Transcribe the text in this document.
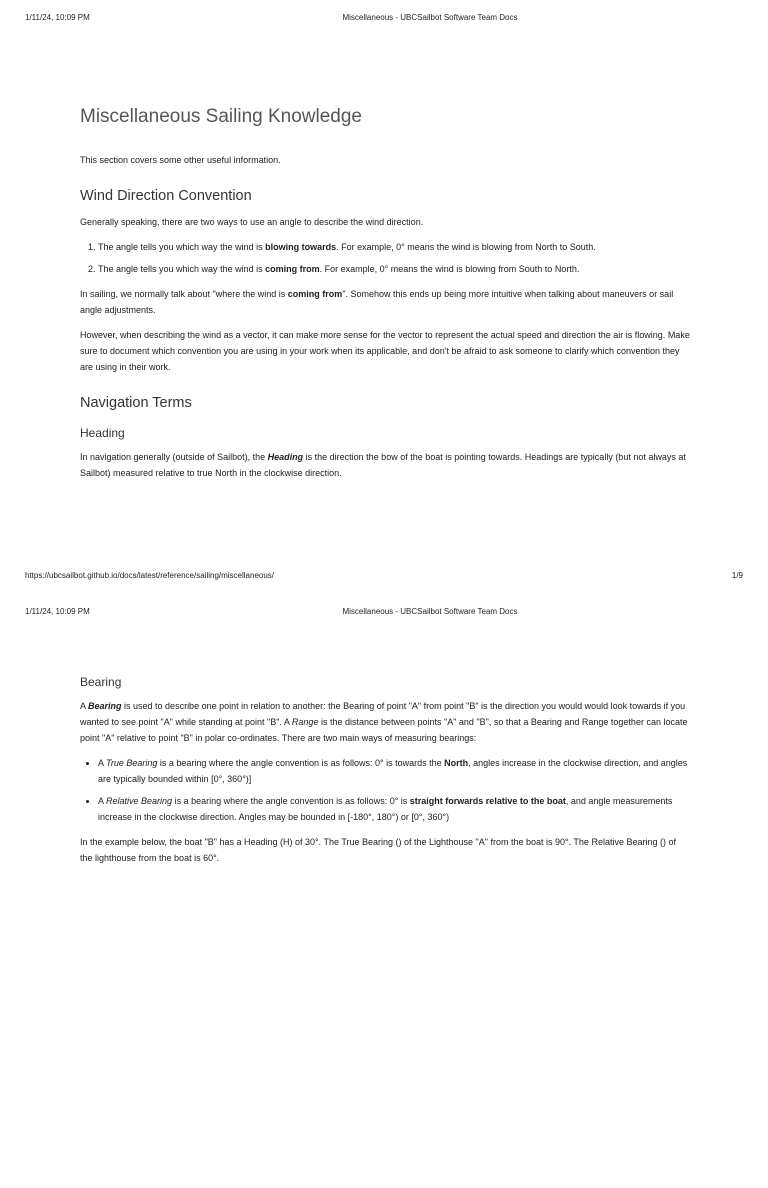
1/11/24, 10:09 PM	Miscellaneous - UBCSailbot Software Team Docs
Miscellaneous Sailing Knowledge

This section covers some other useful information.

Wind Direction Convention

Generally speaking, there are two ways to use an angle to describe the wind direction.

1. The angle tells you which way the wind is blowing towards. For example, 0° means the wind is blowing from North to South.
2. The angle tells you which way the wind is coming from. For example, 0° means the wind is blowing from South to North.

In sailing, we normally talk about "where the wind is coming from". Somehow this ends up being more intuitive when talking about maneuvers or sail angle adjustments.

However, when describing the wind as a vector, it can make more sense for the vector to represent the actual speed and direction the air is flowing. Make sure to document which convention you are using in your work when its applicable, and don't be afraid to ask someone to clarify which convention they are using in their work.

Navigation Terms
Heading

In navigation generally (outside of Sailbot), the Heading is the direction the bow of the boat is pointing towards. Headings are typically (but not always at Sailbot) measured relative to true North in the clockwise direction.

https://ubcsailbot.github.io/docs/latest/reference/sailing/miscellaneous/	1/9
1/11/24, 10:09 PM	Miscellaneous - UBCSailbot Software Team Docs
Bearing

A Bearing is used to describe one point in relation to another: the Bearing of point "A" from point "B" is the direction you would would look towards if you wanted to see point "A" while standing at point "B". A Range is the distance between points "A" and "B", so that a Bearing and Range together can locate point "A" relative to point "B" in polar co-ordinates. There are two main ways of measuring bearings:

• A True Bearing is a bearing where the angle convention is as follows: 0° is towards the North, angles increase in the clockwise direction, and angles are typically bounded within [0°, 360°)]
• A Relative Bearing is a bearing where the angle convention is as follows: 0° is straight forwards relative to the boat, and angle measurements increase in the clockwise direction. Angles may be bounded in [-180°, 180°) or [0°, 360°)

In the example below, the boat "B" has a Heading (H) of 30°. The True Bearing () of the Lighthouse "A" from the boat is 90°. The Relative Bearing () of the lighthouse from the boat is 60°.
